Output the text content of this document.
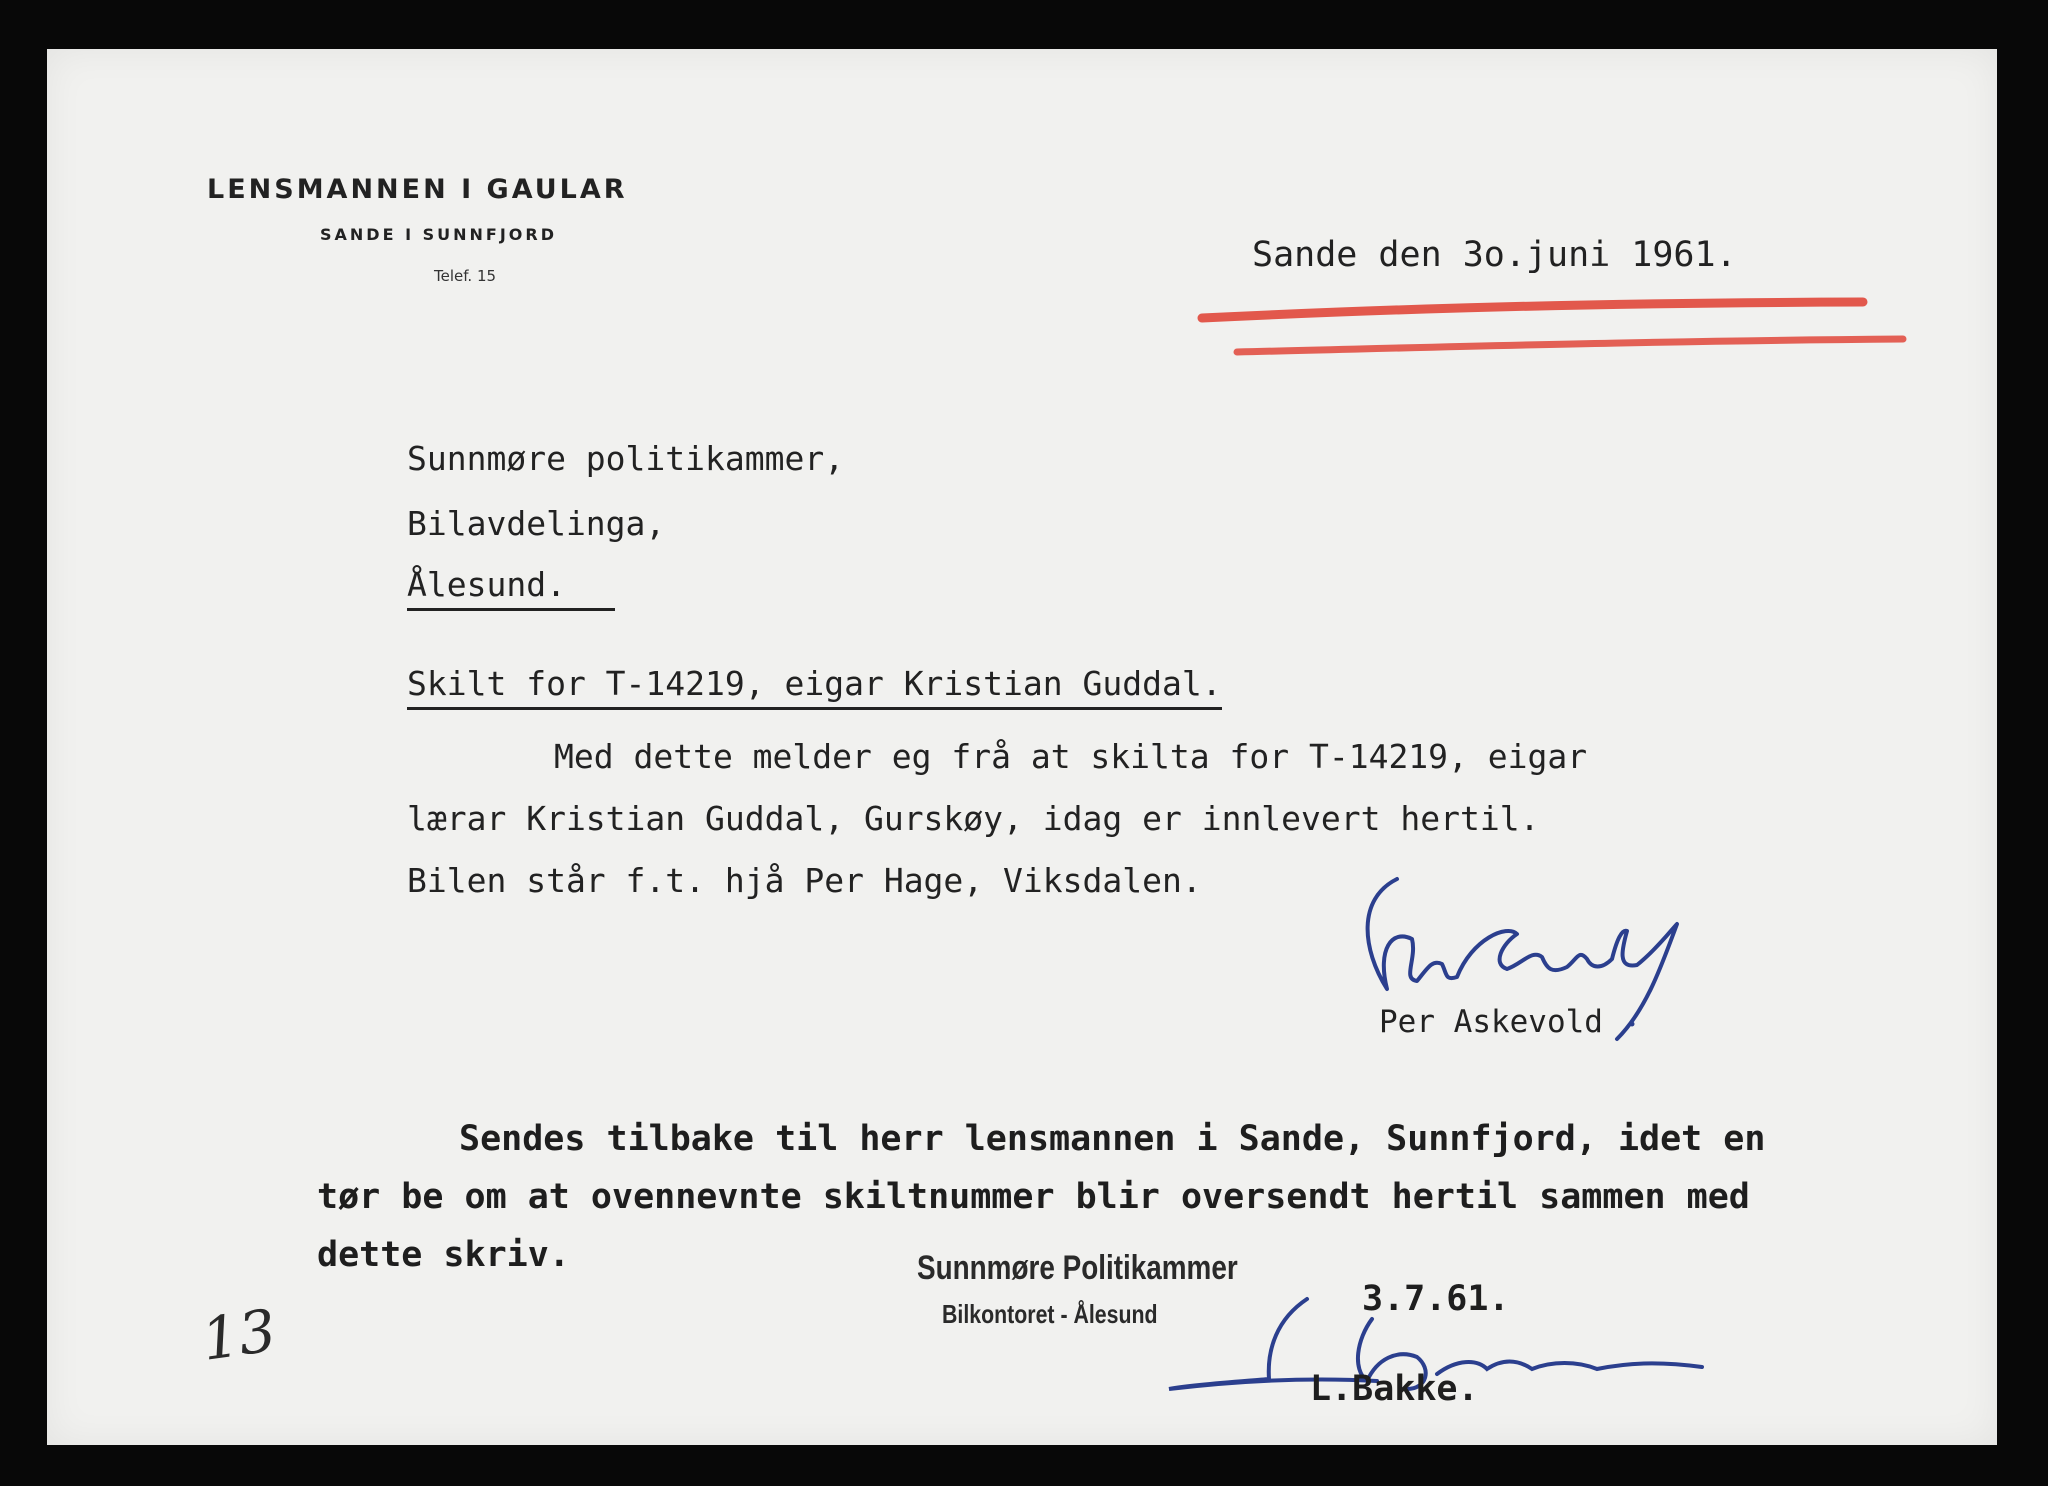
LENSMANNEN I GAULAR
SANDE I SUNNFJORD
Telef. 15
Sande den 3o.juni 1961.
Sunnmøre politikammer,
Bilavdelinga,
Ålesund.
Skilt for T-14219, eigar Kristian Guddal.
Med dette melder eg frå at skilta for T-14219, eigar
lærar Kristian Guddal, Gurskøy, idag er innlevert hertil.
Bilen står f.t. hjå Per Hage, Viksdalen.
Per Askevold
Sendes tilbake til herr lensmannen i Sande, Sunnfjord, idet en
tør be om at ovennevnte skiltnummer blir oversendt hertil sammen med
dette skriv.	Sunnmøre Politikammer
Bilkontoret - Ålesund	3.7.61.
L.Bakke.
13
